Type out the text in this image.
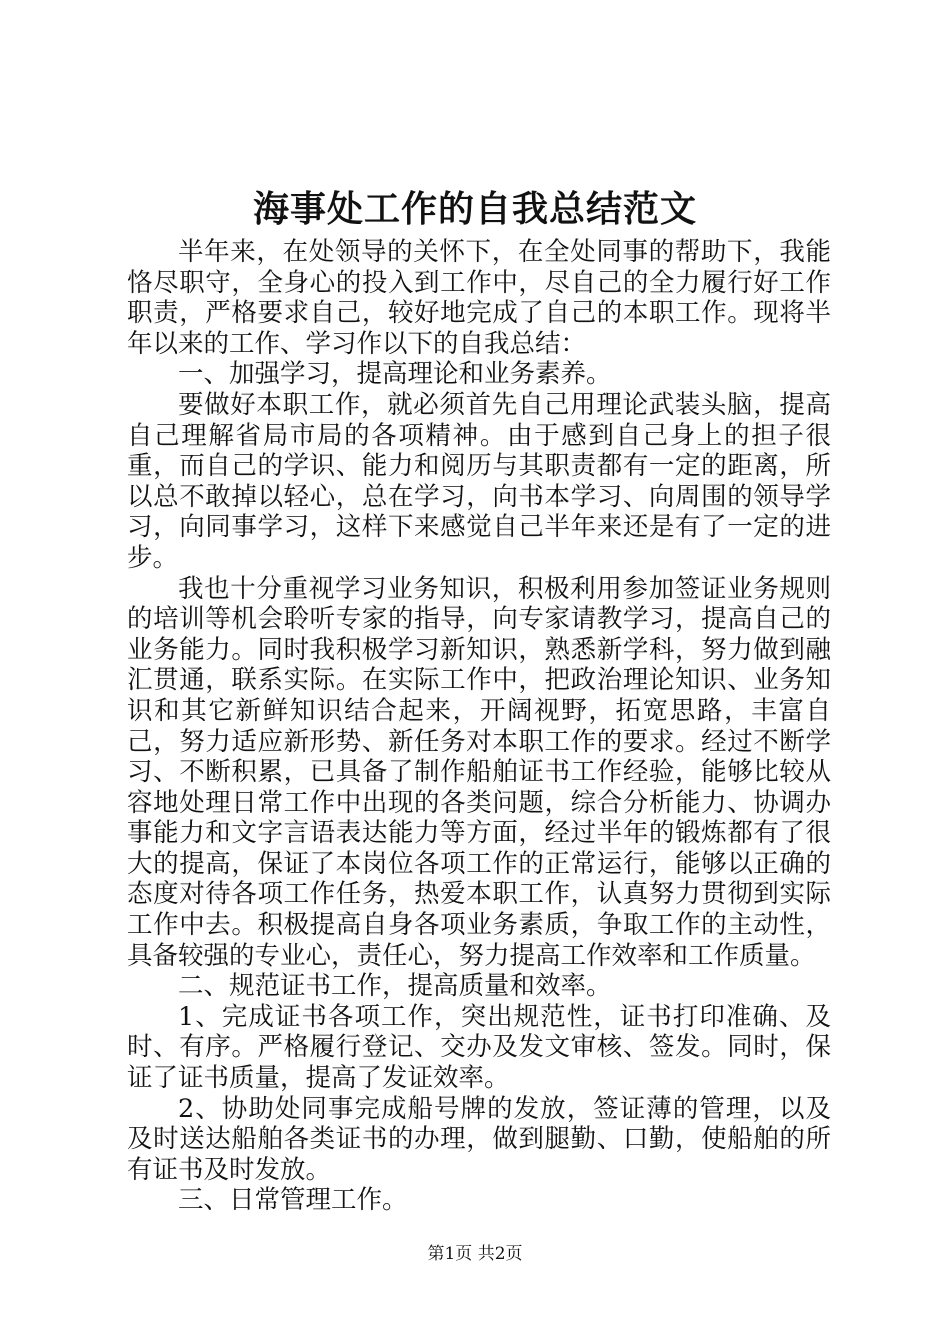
海事处工作的自我总结范文

半年来，在处领导的关怀下，在全处同事的帮助下，我能恪尽职守，全身心的投入到工作中，尽自己的全力履行好工作职责，严格要求自己，较好地完成了自己的本职工作。现将半年以来的工作、学习作以下的自我总结：

一、加强学习，提高理论和业务素养。

要做好本职工作，就必须首先自己用理论武装头脑，提高自己理解省局市局的各项精神。由于感到自己身上的担子很重，而自己的学识、能力和阅历与其职责都有一定的距离，所以总不敢掉以轻心，总在学习，向书本学习、向周围的领导学习，向同事学习，这样下来感觉自己半年来还是有了一定的进步。

我也十分重视学习业务知识，积极利用参加签证业务规则的培训等机会聆听专家的指导，向专家请教学习，提高自己的业务能力。同时我积极学习新知识，熟悉新学科，努力做到融汇贯通，联系实际。在实际工作中，把政治理论知识、业务知识和其它新鲜知识结合起来，开阔视野，拓宽思路，丰富自己，努力适应新形势、新任务对本职工作的要求。经过不断学习、不断积累，已具备了制作船舶证书工作经验，能够比较从容地处理日常工作中出现的各类问题，综合分析能力、协调办事能力和文字言语表达能力等方面，经过半年的锻炼都有了很大的提高，保证了本岗位各项工作的正常运行，能够以正确的态度对待各项工作任务，热爱本职工作，认真努力贯彻到实际工作中去。积极提高自身各项业务素质，争取工作的主动性，具备较强的专业心，责任心，努力提高工作效率和工作质量。

二、规范证书工作，提高质量和效率。

1、完成证书各项工作，突出规范性，证书打印准确、及时、有序。严格履行登记、交办及发文审核、签发。同时，保证了证书质量，提高了发证效率。

2、协助处同事完成船号牌的发放，签证薄的管理，以及及时送达船舶各类证书的办理，做到腿勤、口勤，使船舶的所有证书及时发放。

三、日常管理工作。

第1页 共2页
